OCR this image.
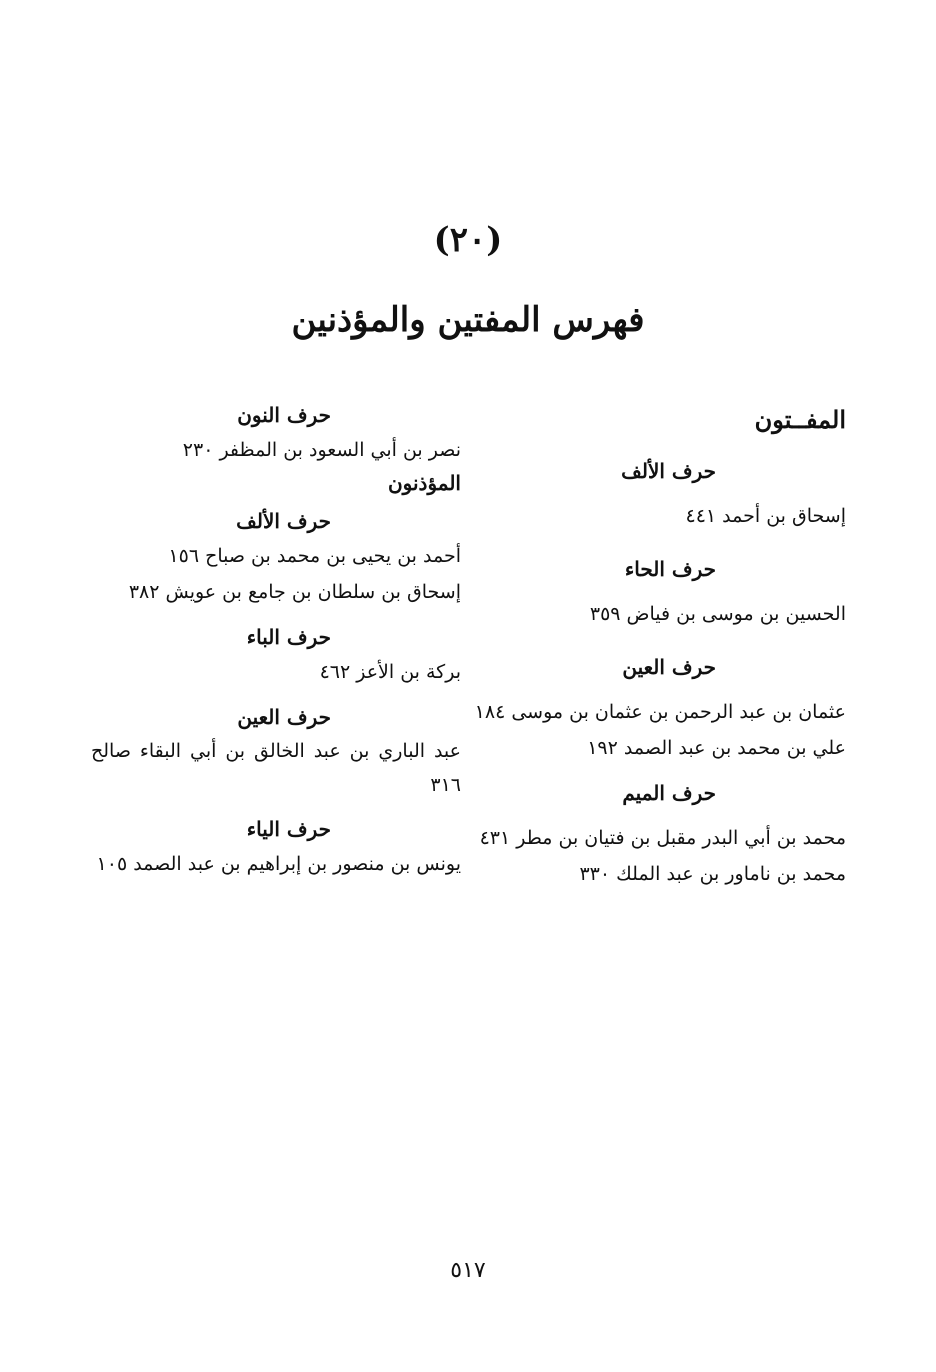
(٢٠)
فهرس المفتين والمؤذنين
المفــتون
حرف الألف
إسحاق بن أحمد ٤٤١
حرف الحاء
الحسين بن موسى بن فياض ٣٥٩
حرف العين
عثمان بن عبد الرحمن بن عثمان بن موسى ١٨٤
علي بن محمد بن عبد الصمد ١٩٢
حرف الميم
محمد بن أبي البدر مقبل بن فتيان بن مطر ٤٣١
محمد بن ناماور بن عبد الملك ٣٣٠
حرف النون
نصر بن أبي السعود بن المظفر ٢٣٠
المؤذنون
حرف الألف
أحمد بن يحيى بن محمد بن صباح ١٥٦
إسحاق بن سلطان بن جامع بن عويش ٣٨٢
حرف الباء
بركة بن الأعز ٤٦٢
حرف العين
عبد الباري بن عبد الخالق بن أبي البقاء صالح ٣١٦
حرف الياء
يونس بن منصور بن إبراهيم بن عبد الصمد ١٠٥
٥١٧
